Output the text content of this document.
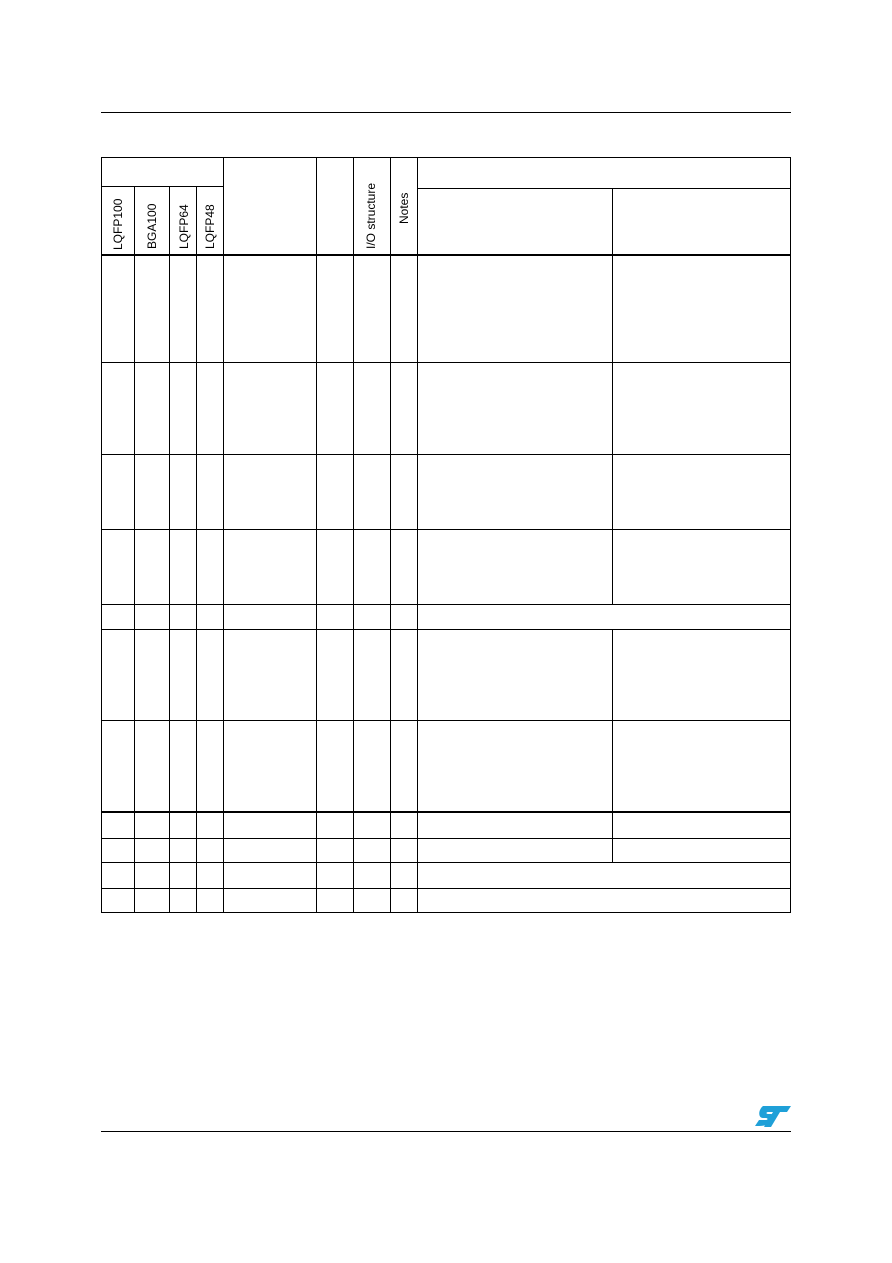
LQFP100 BGA100 LQFP64 LQFP48	I/O structure Notes
